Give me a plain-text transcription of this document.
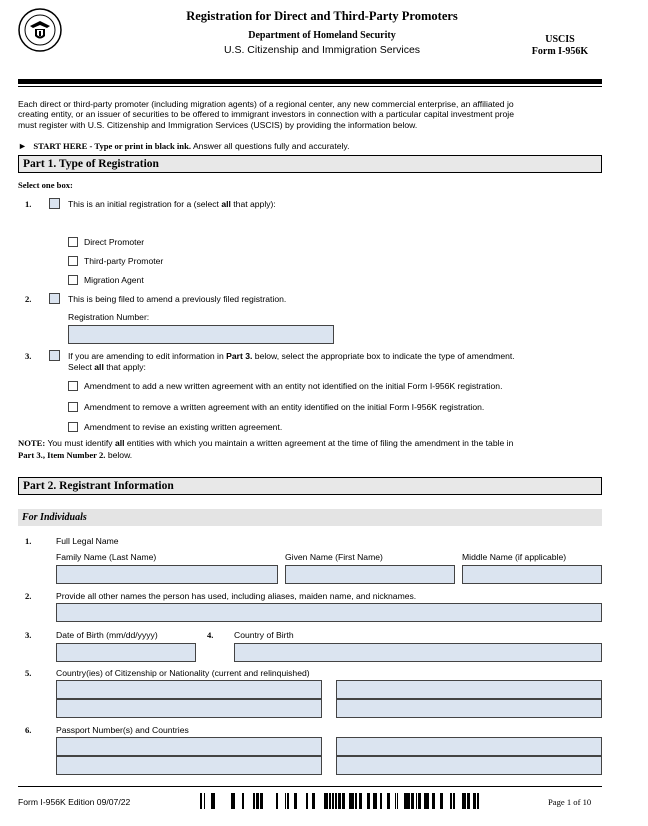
Registration for Direct and Third-Party Promoters
Department of Homeland Security
U.S. Citizenship and Immigration Services
USCIS
Form I-956K
Each direct or third-party promoter (including migration agents) of a regional center, any new commercial enterprise, an affiliated jo
creating entity, or an issuer of securities to be offered to immigrant investors in connection with a particular capital investment proje
must register with U.S. Citizenship and Immigration Services (USCIS) by providing the information below.
► START HERE - Type or print in black ink. Answer all questions fully and accurately.
Part 1. Type of Registration
Select one box:
1.	This is an initial registration for a (select all that apply):
Direct Promoter
Third-party Promoter
Migration Agent
2.	This is being filed to amend a previously filed registration.
Registration Number:
3.	If you are amending to edit information in Part 3. below, select the appropriate box to indicate the type of amendment.
Select all that apply:
Amendment to add a new written agreement with an entity not identified on the initial Form I-956K registration.
Amendment to remove a written agreement with an entity identified on the initial Form I-956K registration.
Amendment to revise an existing written agreement.
NOTE: You must identify all entities with which you maintain a written agreement at the time of filing the amendment in the table in
Part 3., Item Number 2. below.
Part 2. Registrant Information
For Individuals
1.	Full Legal Name
Family Name (Last Name)	Given Name (First Name)	Middle Name (if applicable)
2.	Provide all other names the person has used, including aliases, maiden name, and nicknames.
3.	Date of Birth (mm/dd/yyyy)	4. Country of Birth
5.	Country(ies) of Citizenship or Nationality (current and relinquished)
6.	Passport Number(s) and Countries
Form I-956K Edition 09/07/22	Page 1 of 10
